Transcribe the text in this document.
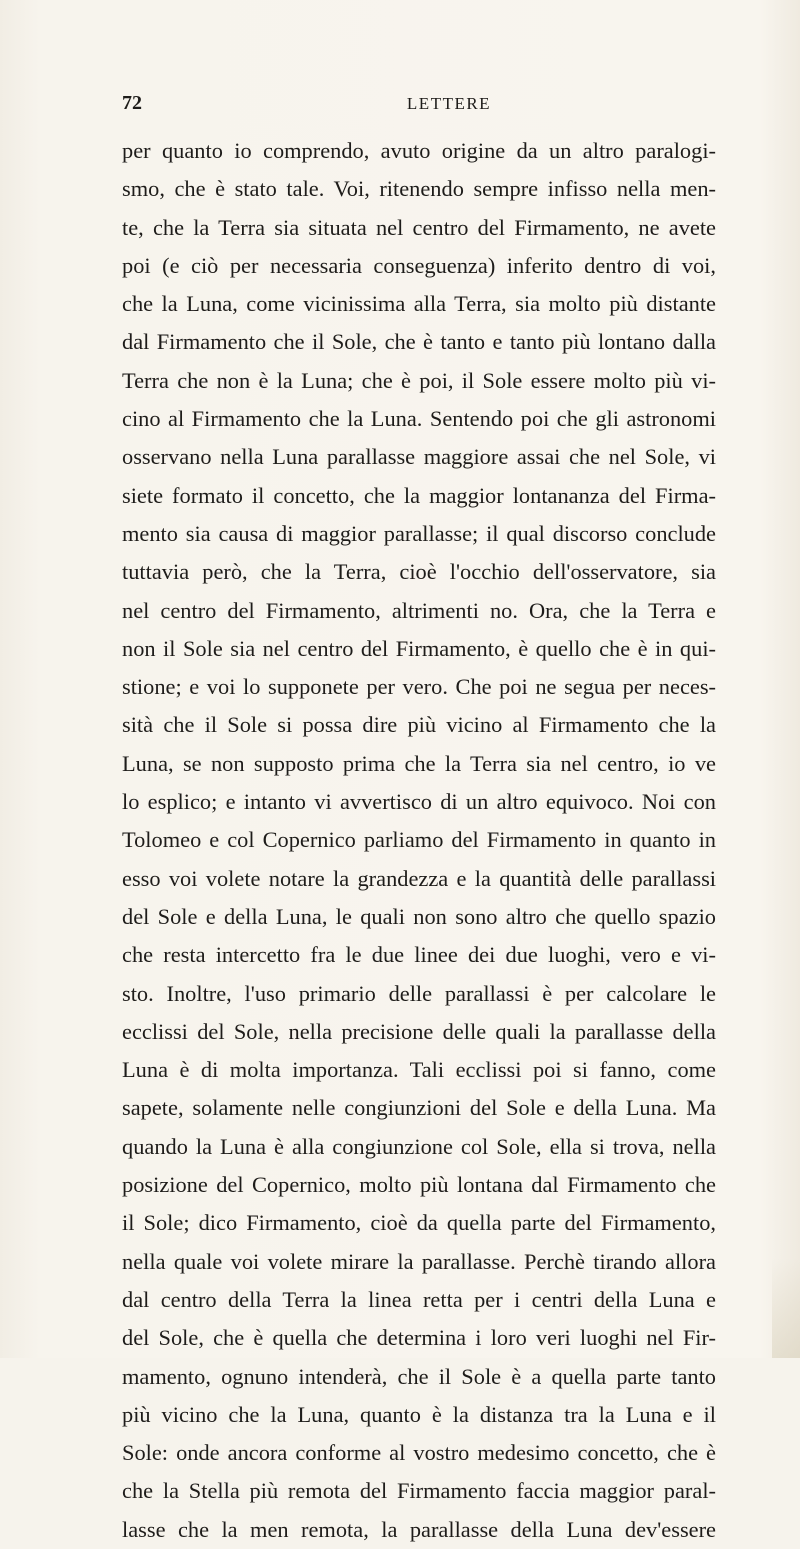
72	LETTERE
per quanto io comprendo, avuto origine da un altro paralogi-
smo, che è stato tale. Voi, ritenendo sempre infisso nella men-
te, che la Terra sia situata nel centro del Firmamento, ne avete
poi (e ciò per necessaria conseguenza) inferito dentro di voi,
che la Luna, come vicinissima alla Terra, sia molto più distante
dal Firmamento che il Sole, che è tanto e tanto più lontano dalla
Terra che non è la Luna; che è poi, il Sole essere molto più vi-
cino al Firmamento che la Luna. Sentendo poi che gli astronomi
osservano nella Luna parallasse maggiore assai che nel Sole, vi
siete formato il concetto, che la maggior lontananza del Firma-
mento sia causa di maggior parallasse; il qual discorso conclude
tuttavia però, che la Terra, cioè l'occhio dell'osservatore, sia
nel centro del Firmamento, altrimenti no. Ora, che la Terra e
non il Sole sia nel centro del Firmamento, è quello che è in qui-
stione; e voi lo supponete per vero. Che poi ne segua per neces-
sità che il Sole si possa dire più vicino al Firmamento che la
Luna, se non supposto prima che la Terra sia nel centro, io ve
lo esplico; e intanto vi avvertisco di un altro equivoco. Noi con
Tolomeo e col Copernico parliamo del Firmamento in quanto in
esso voi volete notare la grandezza e la quantità delle parallassi
del Sole e della Luna, le quali non sono altro che quello spazio
che resta intercetto fra le due linee dei due luoghi, vero e vi-
sto. Inoltre, l'uso primario delle parallassi è per calcolare le
ecclissi del Sole, nella precisione delle quali la parallasse della
Luna è di molta importanza. Tali ecclissi poi si fanno, come
sapete, solamente nelle congiunzioni del Sole e della Luna. Ma
quando la Luna è alla congiunzione col Sole, ella si trova, nella
posizione del Copernico, molto più lontana dal Firmamento che
il Sole; dico Firmamento, cioè da quella parte del Firmamento,
nella quale voi volete mirare la parallasse. Perchè tirando allora
dal centro della Terra la linea retta per i centri della Luna e
del Sole, che è quella che determina i loro veri luoghi nel Fir-
mamento, ognuno intenderà, che il Sole è a quella parte tanto
più vicino che la Luna, quanto è la distanza tra la Luna e il
Sole: onde ancora conforme al vostro medesimo concetto, che è
che la Stella più remota del Firmamento faccia maggior paral-
lasse che la men remota, la parallasse della Luna dev'essere
